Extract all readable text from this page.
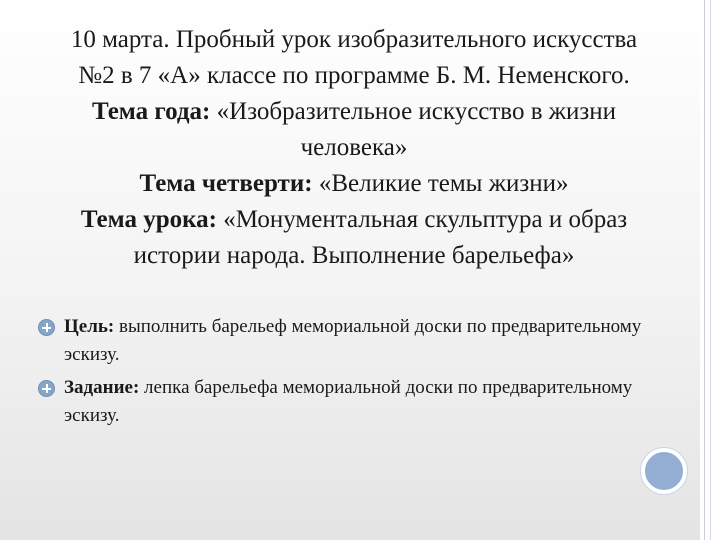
10 марта. Пробный урок изобразительного искусства
№2 в 7 «А» классе по программе Б. М. Неменского.
Тема года: «Изобразительное искусство в жизни
человека»
Тема четверти: «Великие темы жизни»
Тема урока: «Монументальная скульптура и образ
истории народа. Выполнение барельефа»
Цель: выполнить барельеф мемориальной доски по предварительному эскизу.
Задание: лепка барельефа мемориальной доски по предварительному эскизу.
